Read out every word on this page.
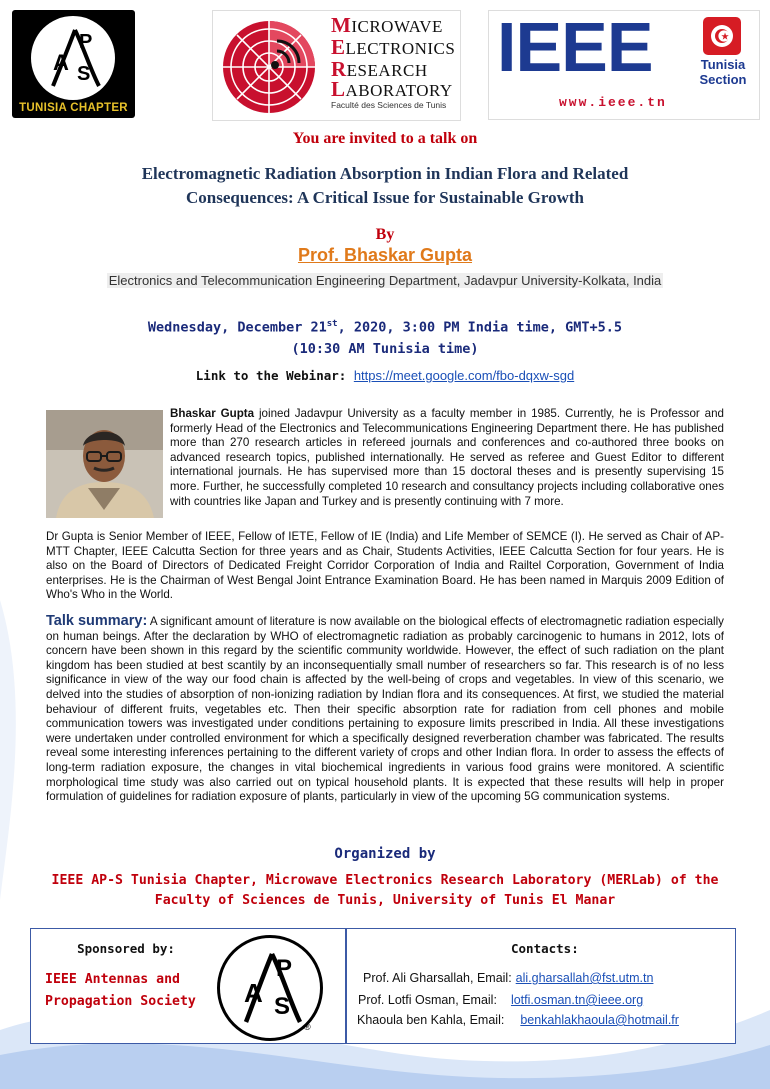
A
P
S
TUNISIA CHAPTER
MICROWAVE
ELECTRONICS
RESEARCH
LABORATORY
Faculté des Sciences de Tunis
IEEE	Tunisia
Section
www.ieee.tn
You are invited to a talk on
Electromagnetic Radiation Absorption in Indian Flora and Related
Consequences: A Critical Issue for Sustainable Growth
By
Prof. Bhaskar Gupta
Electronics and Telecommunication Engineering Department, Jadavpur University-Kolkata, India
Wednesday, December 21st, 2020, 3:00 PM India time, GMT+5.5
(10:30 AM Tunisia time)
Link to the Webinar: https://meet.google.com/fbo-dqxw-sgd
Bhaskar Gupta joined Jadavpur University as a faculty member in 1985. Currently, he is Professor and formerly Head of the Electronics and Telecommunications Engineering Department there. He has published more than 270 research articles in refereed journals and conferences and co-authored three books on advanced research topics, published internationally. He served as referee and Guest Editor to different international journals. He has supervised more than 15 doctoral theses and is presently supervising 15 more. Further, he successfully completed 10 research and consultancy projects including collaborative ones with countries like Japan and Turkey and is presently continuing with 7 more.
Dr Gupta is Senior Member of IEEE, Fellow of IETE, Fellow of IE (India) and Life Member of SEMCE (I). He served as Chair of AP-MTT Chapter, IEEE Calcutta Section for three years and as Chair, Students Activities, IEEE Calcutta Section for four years. He is also on the Board of Directors of Dedicated Freight Corridor Corporation of India and Railtel Corporation, Government of India enterprises. He is the Chairman of West Bengal Joint Entrance Examination Board. He has been named in Marquis 2009 Edition of Who's Who in the World.
Talk summary: A significant amount of literature is now available on the biological effects of electromagnetic radiation especially on human beings. After the declaration by WHO of electromagnetic radiation as probably carcinogenic to humans in 2012, lots of concern have been shown in this regard by the scientific community worldwide. However, the effect of such radiation on the plant kingdom has been studied at best scantily by an inconsequentially small number of researchers so far. This research is of no less significance in view of the way our food chain is affected by the well-being of crops and vegetables. In view of this scenario, we delved into the studies of absorption of non-ionizing radiation by Indian flora and its consequences. At first, we studied the material behaviour of different fruits, vegetables etc. Then their specific absorption rate for radiation from cell phones and mobile communication towers was investigated under conditions pertaining to exposure limits prescribed in India. All these investigations were undertaken under controlled environment for which a specifically designed reverberation chamber was fabricated. The results reveal some interesting inferences pertaining to the different variety of crops and other Indian flora. In order to assess the effects of long-term radiation exposure, the changes in vital biochemical ingredients in various food grains were monitored. A scientific morphological time study was also carried out on typical household plants. It is expected that these results will help in proper formulation of guidelines for radiation exposure of plants, particularly in view of the upcoming 5G communication systems.
Organized by
IEEE AP-S Tunisia Chapter, Microwave Electronics Research Laboratory (MERLab) of the
Faculty of Sciences de Tunis, University of Tunis El Manar
Sponsored by:
IEEE Antennas and
Propagation Society A
P
S
®
Contacts:
Prof. Ali Gharsallah, Email: ali.gharsallah@fst.utm.tn
Prof. Lotfi Osman, Email: lotfi.osman.tn@ieee.org
Khaoula ben Kahla, Email: benkahlakhaoula@hotmail.fr
